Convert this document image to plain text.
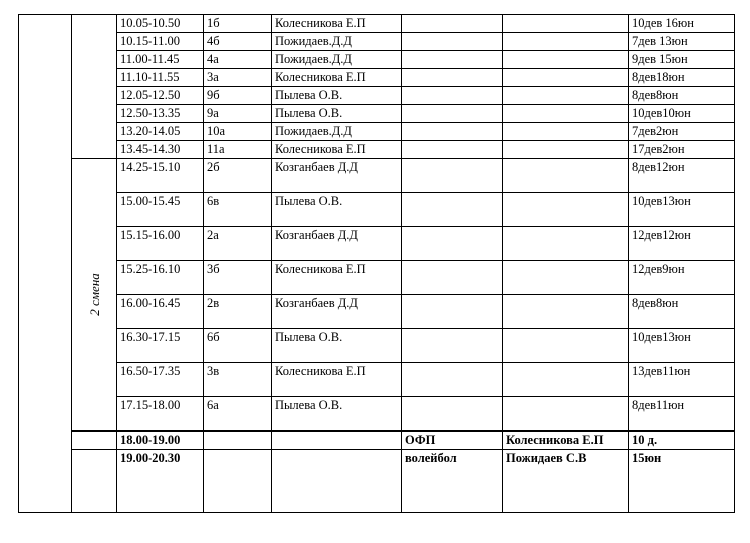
		10.05-10.50	1б	Колесникова Е.П			10дев 16юн
		10.15-11.00	4б	Пожидаев.Д.Д			7дев 13юн
		11.00-11.45	4а	Пожидаев.Д.Д			9дев 15юн
		11.10-11.55	3а	Колесникова Е.П			8дев18юн
		12.05-12.50	9б	Пылева О.В.			8дев8юн
		12.50-13.35	9а	Пылева О.В.			10дев10юн
		13.20-14.05	10а	Пожидаев.Д.Д			7дев2юн
		13.45-14.30	11а	Колесникова Е.П			17дев2юн
	2 смена	14.25-15.10	2б	Козганбаев Д.Д			8дев12юн
		15.00-15.45	6в	Пылева О.В.			10дев13юн
		15.15-16.00	2а	Козганбаев Д.Д			12дев12юн
		15.25-16.10	3б	Колесникова Е.П			12дев9юн
		16.00-16.45	2в	Козганбаев Д.Д			8дев8юн
		16.30-17.15	6б	Пылева О.В.			10дев13юн
		16.50-17.35	3в	Колесникова Е.П			13дев11юн
		17.15-18.00	6а	Пылева О.В.			8дев11юн
		18.00-19.00			ОФП	Колесникова Е.П	10 д.
		19.00-20.30			волейбол	Пожидаев С.В	15юн
